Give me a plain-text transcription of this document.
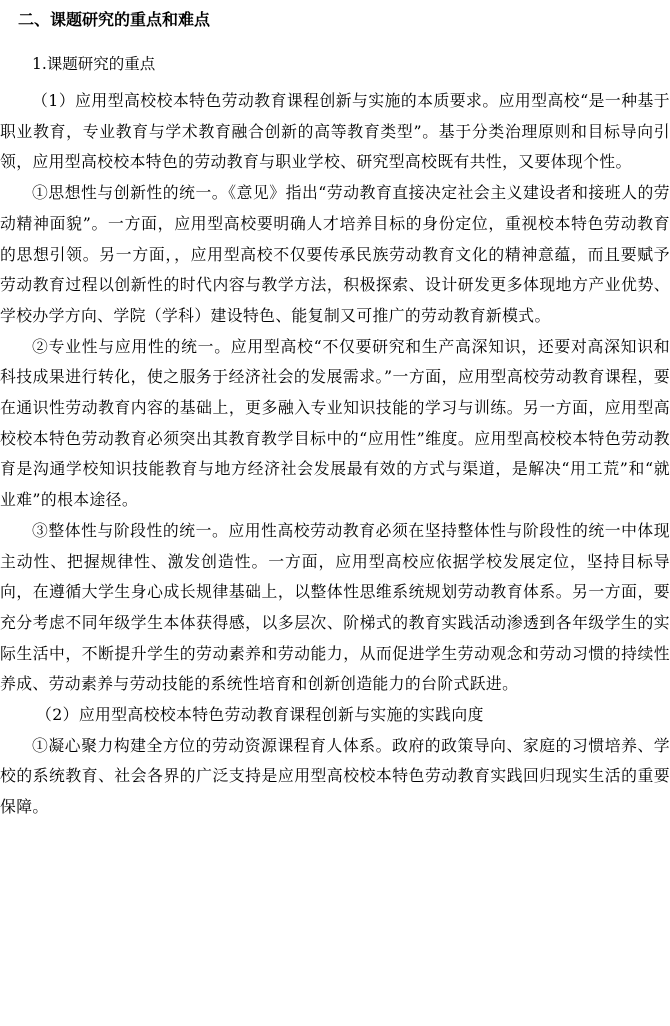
二、课题研究的重点和难点

1.课题研究的重点

（1）应用型高校校本特色劳动教育课程创新与实施的本质要求。应用型高校“是一种基于职业教育，专业教育与学术教育融合创新的高等教育类型”。基于分类治理原则和目标导向引领，应用型高校校本特色的劳动教育与职业学校、研究型高校既有共性，又要体现个性。

①思想性与创新性的统一。《意见》指出“劳动教育直接决定社会主义建设者和接班人的劳动精神面貌”。一方面，应用型高校要明确人才培养目标的身份定位，重视校本特色劳动教育的思想引领。另一方面，，应用型高校不仅要传承民族劳动教育文化的精神意蕴，而且要赋予劳动教育过程以创新性的时代内容与教学方法，积极探索、设计研发更多体现地方产业优势、学校办学方向、学院（学科）建设特色、能复制又可推广的劳动教育新模式。

②专业性与应用性的统一。应用型高校“不仅要研究和生产高深知识，还要对高深知识和科技成果进行转化，使之服务于经济社会的发展需求。”一方面，应用型高校劳动教育课程，要在通识性劳动教育内容的基础上，更多融入专业知识技能的学习与训练。另一方面，应用型高校校本特色劳动教育必须突出其教育教学目标中的“应用性”维度。应用型高校校本特色劳动教育是沟通学校知识技能教育与地方经济社会发展最有效的方式与渠道，是解决“用工荒”和“就业难”的根本途径。

③整体性与阶段性的统一。应用性高校劳动教育必须在坚持整体性与阶段性的统一中体现主动性、把握规律性、激发创造性。一方面，应用型高校应依据学校发展定位，坚持目标导向，在遵循大学生身心成长规律基础上，以整体性思维系统规划劳动教育体系。另一方面，要充分考虑不同年级学生本体获得感，以多层次、阶梯式的教育实践活动渗透到各年级学生的实际生活中，不断提升学生的劳动素养和劳动能力，从而促进学生劳动观念和劳动习惯的持续性养成、劳动素养与劳动技能的系统性培育和创新创造能力的台阶式跃进。

（2）应用型高校校本特色劳动教育课程创新与实施的实践向度

①凝心聚力构建全方位的劳动资源课程育人体系。政府的政策导向、家庭的习惯培养、学校的系统教育、社会各界的广泛支持是应用型高校校本特色劳动教育实践回归现实生活的重要保障。
